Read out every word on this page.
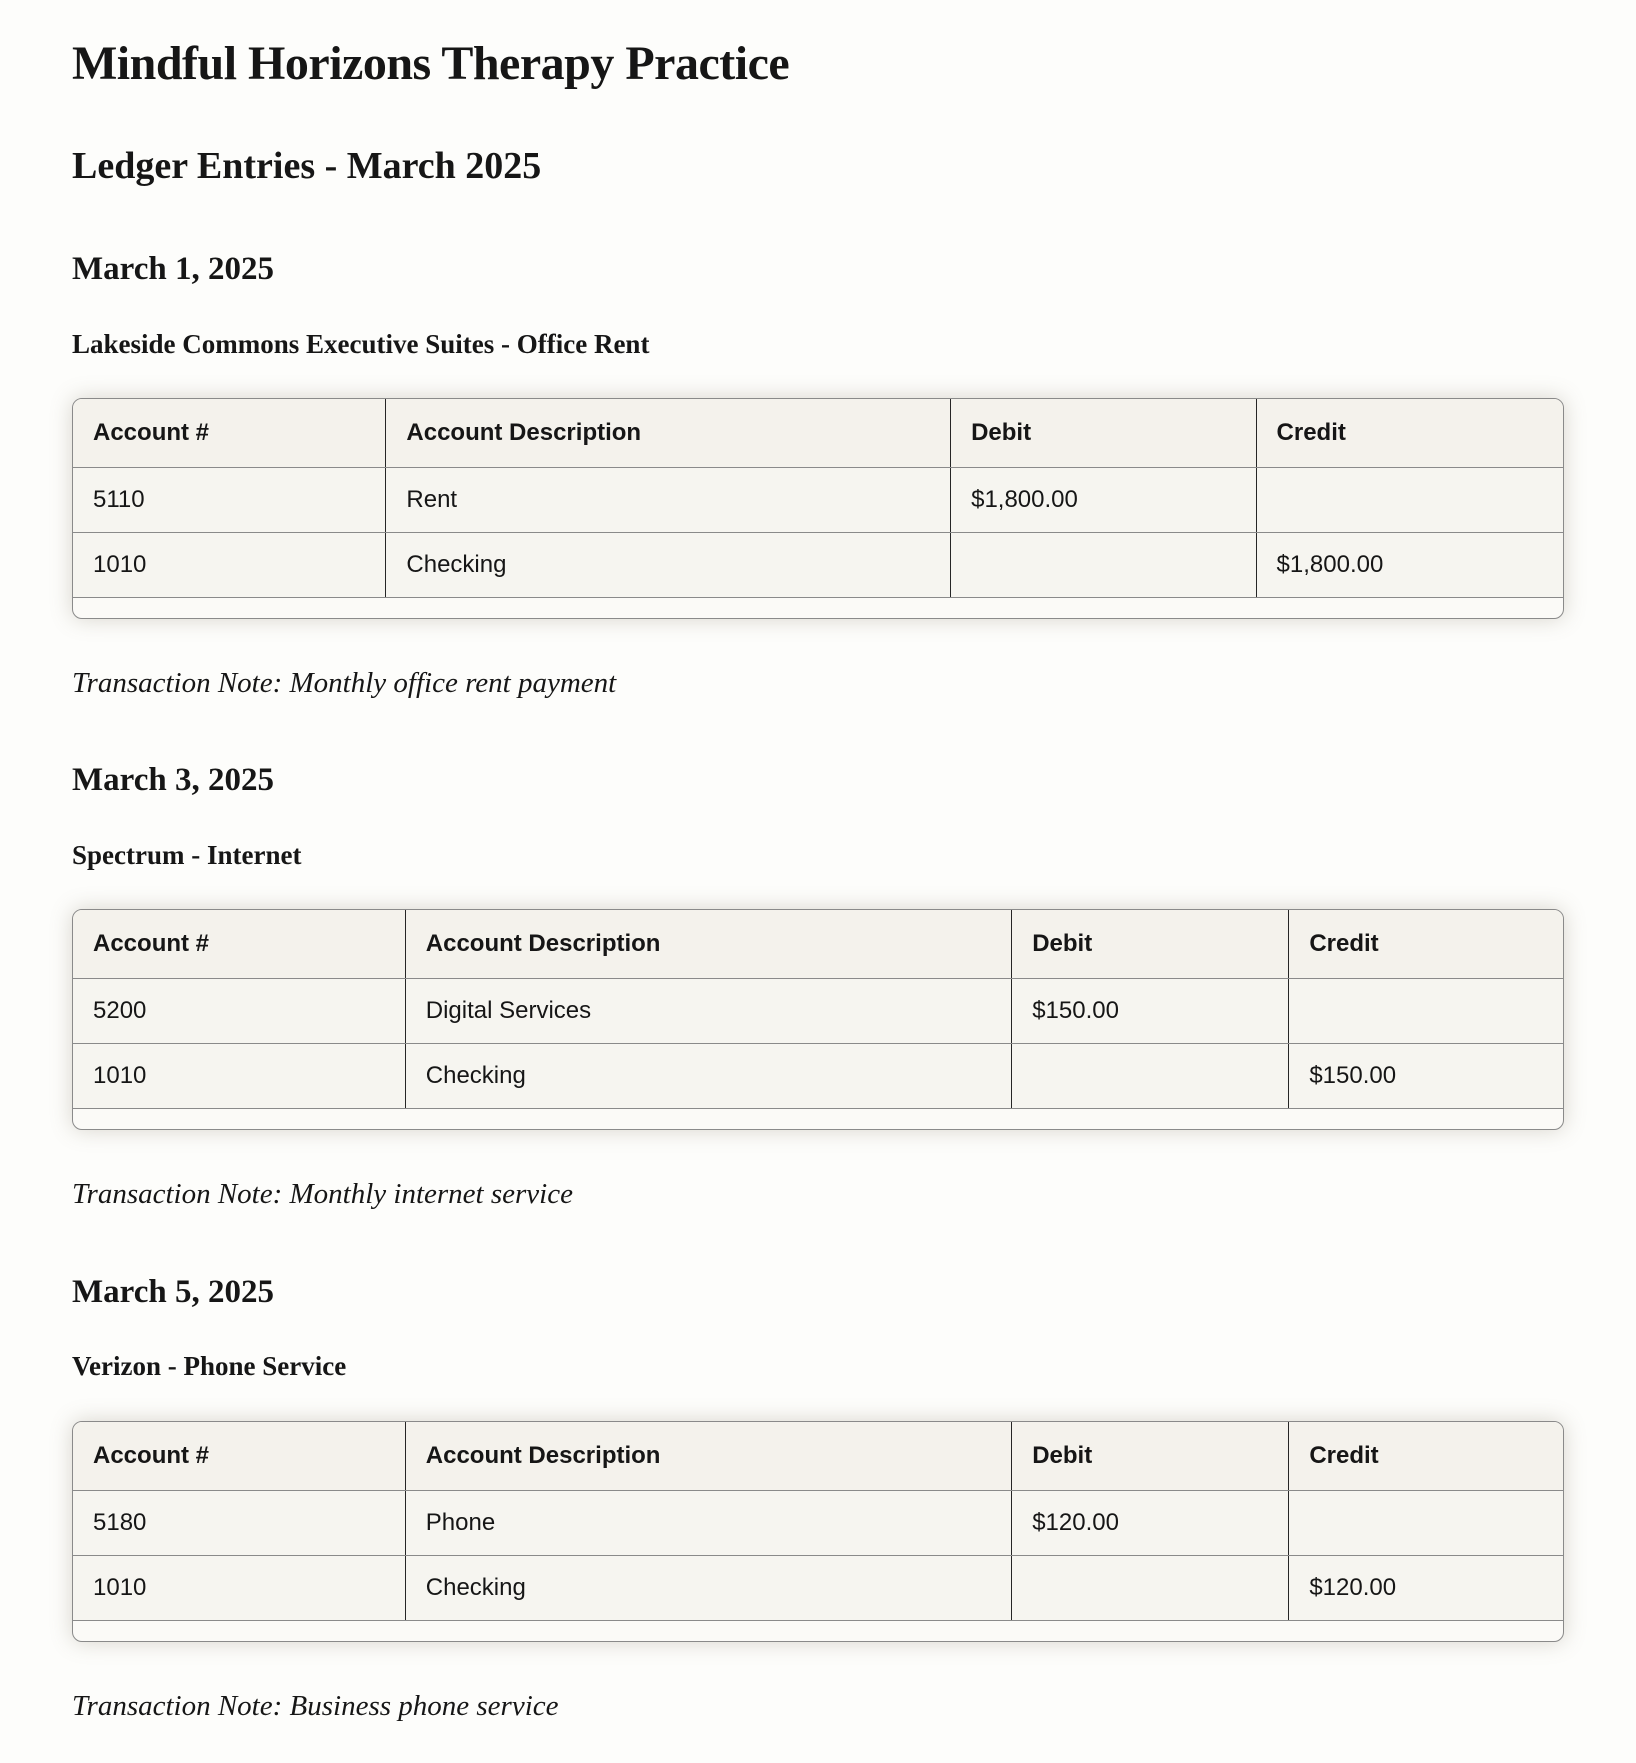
Mindful Horizons Therapy Practice
Ledger Entries - March 2025
March 1, 2025
Lakeside Commons Executive Suites - Office Rent
Account #	Account Description	Debit	Credit
5110	Rent	$1,800.00	
1010	Checking		$1,800.00

Transaction Note: Monthly office rent payment

March 3, 2025
Spectrum - Internet
Account #	Account Description	Debit	Credit
5200	Digital Services	$150.00	
1010	Checking		$150.00

Transaction Note: Monthly internet service

March 5, 2025
Verizon - Phone Service
Account #	Account Description	Debit	Credit
5180	Phone	$120.00	
1010	Checking		$120.00

Transaction Note: Business phone service
